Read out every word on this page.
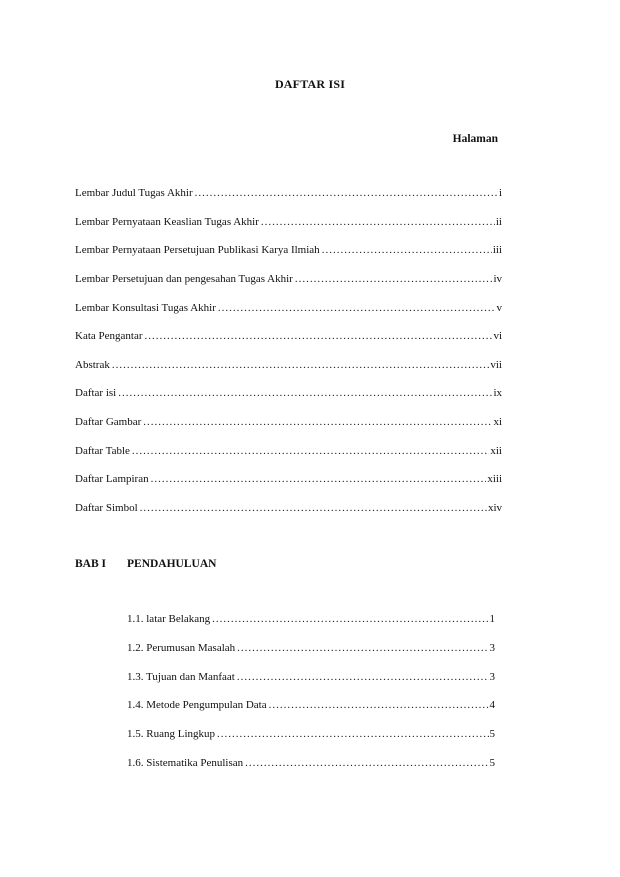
DAFTAR ISI
Halaman
Lembar Judul Tugas Akhir .....	i
Lembar Pernyataan Keaslian Tugas Akhir .....	ii
Lembar Pernyataan Persetujuan Publikasi Karya Ilmiah .....	iii
Lembar Persetujuan dan pengesahan Tugas Akhir .....	iv
Lembar Konsultasi Tugas Akhir .....	v
Kata Pengantar .....	vi
Abstrak .....	vii
Daftar isi .....	ix
Daftar Gambar .....	xi
Daftar Table .....	xii
Daftar Lampiran .....	xiii
Daftar Simbol .....	xiv
BAB I	PENDAHULUAN
1.1. latar Belakang .....	1
1.2. Perumusan Masalah .....	3
1.3. Tujuan dan Manfaat .....	3
1.4. Metode Pengumpulan Data .....	4
1.5. Ruang Lingkup .....	5
1.6. Sistematika Penulisan .....	5
